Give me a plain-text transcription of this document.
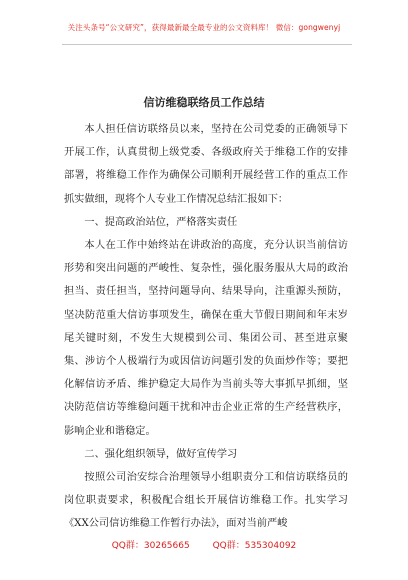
关注头条号“公文研究”，获得最新最全最专业的公文资料库！ 微信：gongwenyj
信访维稳联络员工作总结

本人担任信访联络员以来，坚持在公司党委的正确领导下开展工作，认真贯彻上级党委、各级政府关于维稳工作的安排部署，将维稳工作作为确保公司顺利开展经营工作的重点工作抓实做细，现将个人专业工作情况总结汇报如下：

一、提高政治站位，严格落实责任

本人在工作中始终站在讲政治的高度，充分认识当前信访形势和突出问题的严峻性、复杂性，强化服务服从大局的政治担当、责任担当，坚持问题导向、结果导向，注重源头预防，坚决防范重大信访事项发生，确保在重大节假日期间和年末岁尾关键时刻，不发生大规模到公司、集团公司、甚至进京聚集、涉访个人极端行为或因信访问题引发的负面炒作等；要把化解信访矛盾、维护稳定大局作为当前头等大事抓早抓细，坚决防范信访等维稳问题干扰和冲击企业正常的生产经营秩序，影响企业和谐稳定。

二、强化组织领导，做好宣传学习

按照公司治安综合治理领导小组职责分工和信访联络员的岗位职责要求，积极配合组长开展信访维稳工作。扎实学习《XX公司信访维稳工作暂行办法》，面对当前严峻

QQ群：30265665	QQ群：535304092
